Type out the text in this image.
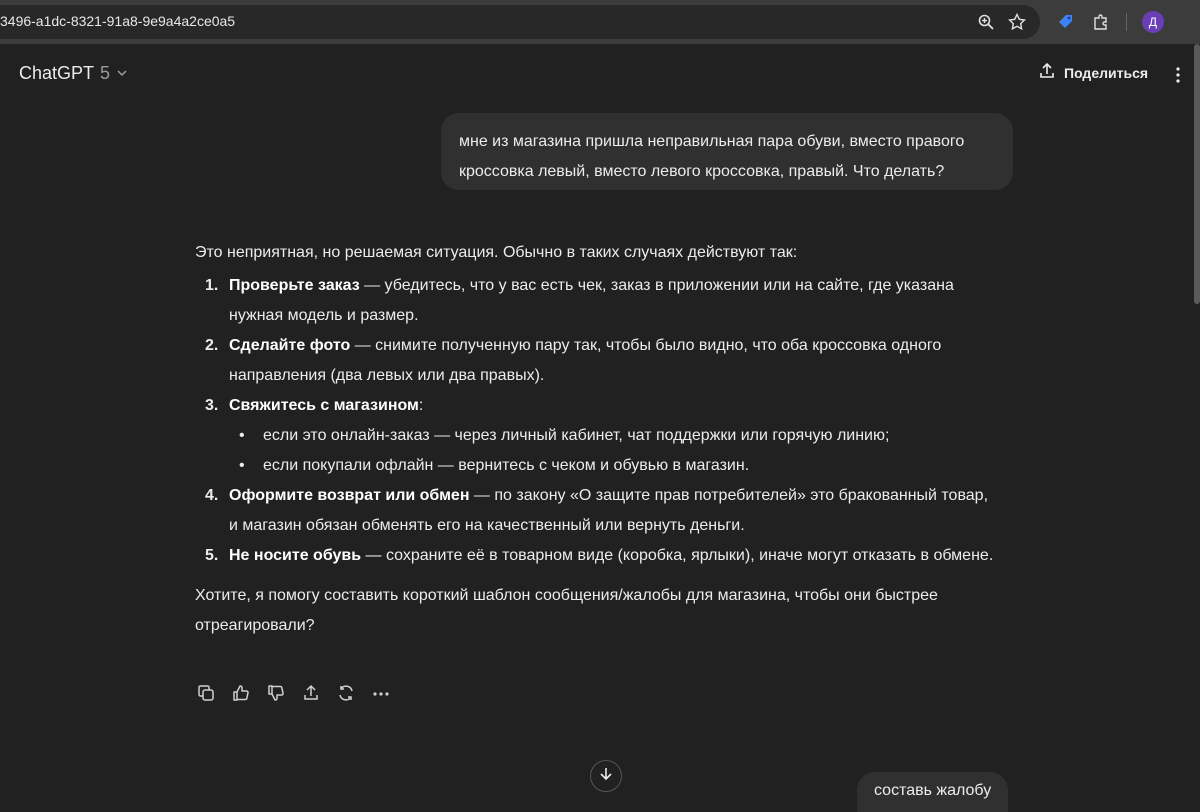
3496-a1dc-8321-91a8-9e9a4a2ce0a5	Д
ChatGPT 5	Поделиться
мне из магазина пришла неправильная пара обуви, вместо правого кроссовка левый, вместо левого кроссовка, правый. Что делать?

Это неприятная, но решаемая ситуация. Обычно в таких случаях действуют так:

1. Проверьте заказ — убедитесь, что у вас есть чек, заказ в приложении или на сайте, где указана нужная модель и размер.
2. Сделайте фото — снимите полученную пару так, чтобы было видно, что оба кроссовка одного направления (два левых или два правых).
3. Свяжитесь с магазином:
• если это онлайн-заказ — через личный кабинет, чат поддержки или горячую линию;
• если покупали офлайн — вернитесь с чеком и обувью в магазин.
4. Оформите возврат или обмен — по закону «О защите прав потребителей» это бракованный товар, и магазин обязан обменять его на качественный или вернуть деньги.
5. Не носите обувь — сохраните её в товарном виде (коробка, ярлыки), иначе могут отказать в обмене.

Хотите, я помогу составить короткий шаблон сообщения/жалобы для магазина, чтобы они быстрее отреагировали?

составь жалобу
